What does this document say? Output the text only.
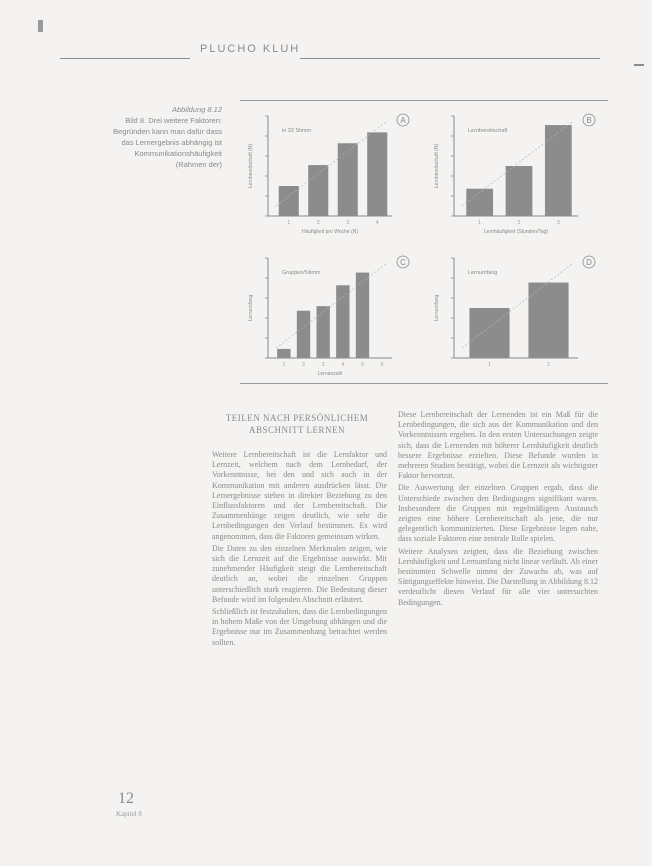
PLUCHO KLUH
Abbildung 8.12
Bild 8. Drei weitere Faktoren:
Begründen kann man dafür dass
das Lernergebnis abhängig ist
Kommunikationshäufigkeit
(Rahmen der)
1	2	3	4
in 32 Stimm
A
Lernbereitschaft (N)
Häufigkeit pro Woche (N)
1	2	3
Lernbereitschaft
B
Lernbereitschaft (N)
Lernhäufigkeit (Stunden/Tag)
1	2	3	4	5	6
Gruppen/Stimm
C
Lernumfang
Lernanzahl
1	2
Lernumfang
D
Lernumfang
TEILEN NACH PERSÖNLICHEM
ABSCHNITT LERNEN

Weitere Lernbereitschaft ist die Lernfaktor und Lernzeit, welchem nach dem Lernbedarf, der Vorkenntnisse, bei den und sich auch in der Kommunikation mit anderen ausdrücken lässt. Die Lernergebnisse stehen in direkter Beziehung zu den Einflussfaktoren und der Lernbereitschaft. Die Zusammenhänge zeigen deutlich, wie sehr die Lernbedingungen den Verlauf bestimmen. Es wird angenommen, dass die Faktoren gemeinsam wirken.

Die Daten zu den einzelnen Merkmalen zeigen, wie sich die Lernzeit auf die Ergebnisse auswirkt. Mit zunehmender Häufigkeit steigt die Lernbereitschaft deutlich an, wobei die einzelnen Gruppen unterschiedlich stark reagieren. Die Bedeutung dieser Befunde wird im folgenden Abschnitt erläutert.

Schließlich ist festzuhalten, dass die Lernbedingungen in hohem Maße von der Umgebung abhängen und die Ergebnisse nur im Zusammenhang betrachtet werden sollten.

Diese Lernbereitschaft der Lernenden ist ein Maß für die Lernbedingungen, die sich aus der Kommunikation und den Vorkenntnissen ergeben. In den ersten Untersuchungen zeigte sich, dass die Lernenden mit höherer Lernhäufigkeit deutlich bessere Ergebnisse erzielten. Diese Befunde wurden in mehreren Studien bestätigt, wobei die Lernzeit als wichtigster Faktor hervortrat.

Die Auswertung der einzelnen Gruppen ergab, dass die Unterschiede zwischen den Bedingungen signifikant waren. Insbesondere die Gruppen mit regelmäßigem Austausch zeigten eine höhere Lernbereitschaft als jene, die nur gelegentlich kommunizierten. Diese Ergebnisse legen nahe, dass soziale Faktoren eine zentrale Rolle spielen.

Weitere Analysen zeigten, dass die Beziehung zwischen Lernhäufigkeit und Lernumfang nicht linear verläuft. Ab einer bestimmten Schwelle nimmt der Zuwachs ab, was auf Sättigungseffekte hinweist. Die Darstellung in Abbildung 8.12 verdeutlicht diesen Verlauf für alle vier untersuchten Bedingungen.

12
Kapitel 8
